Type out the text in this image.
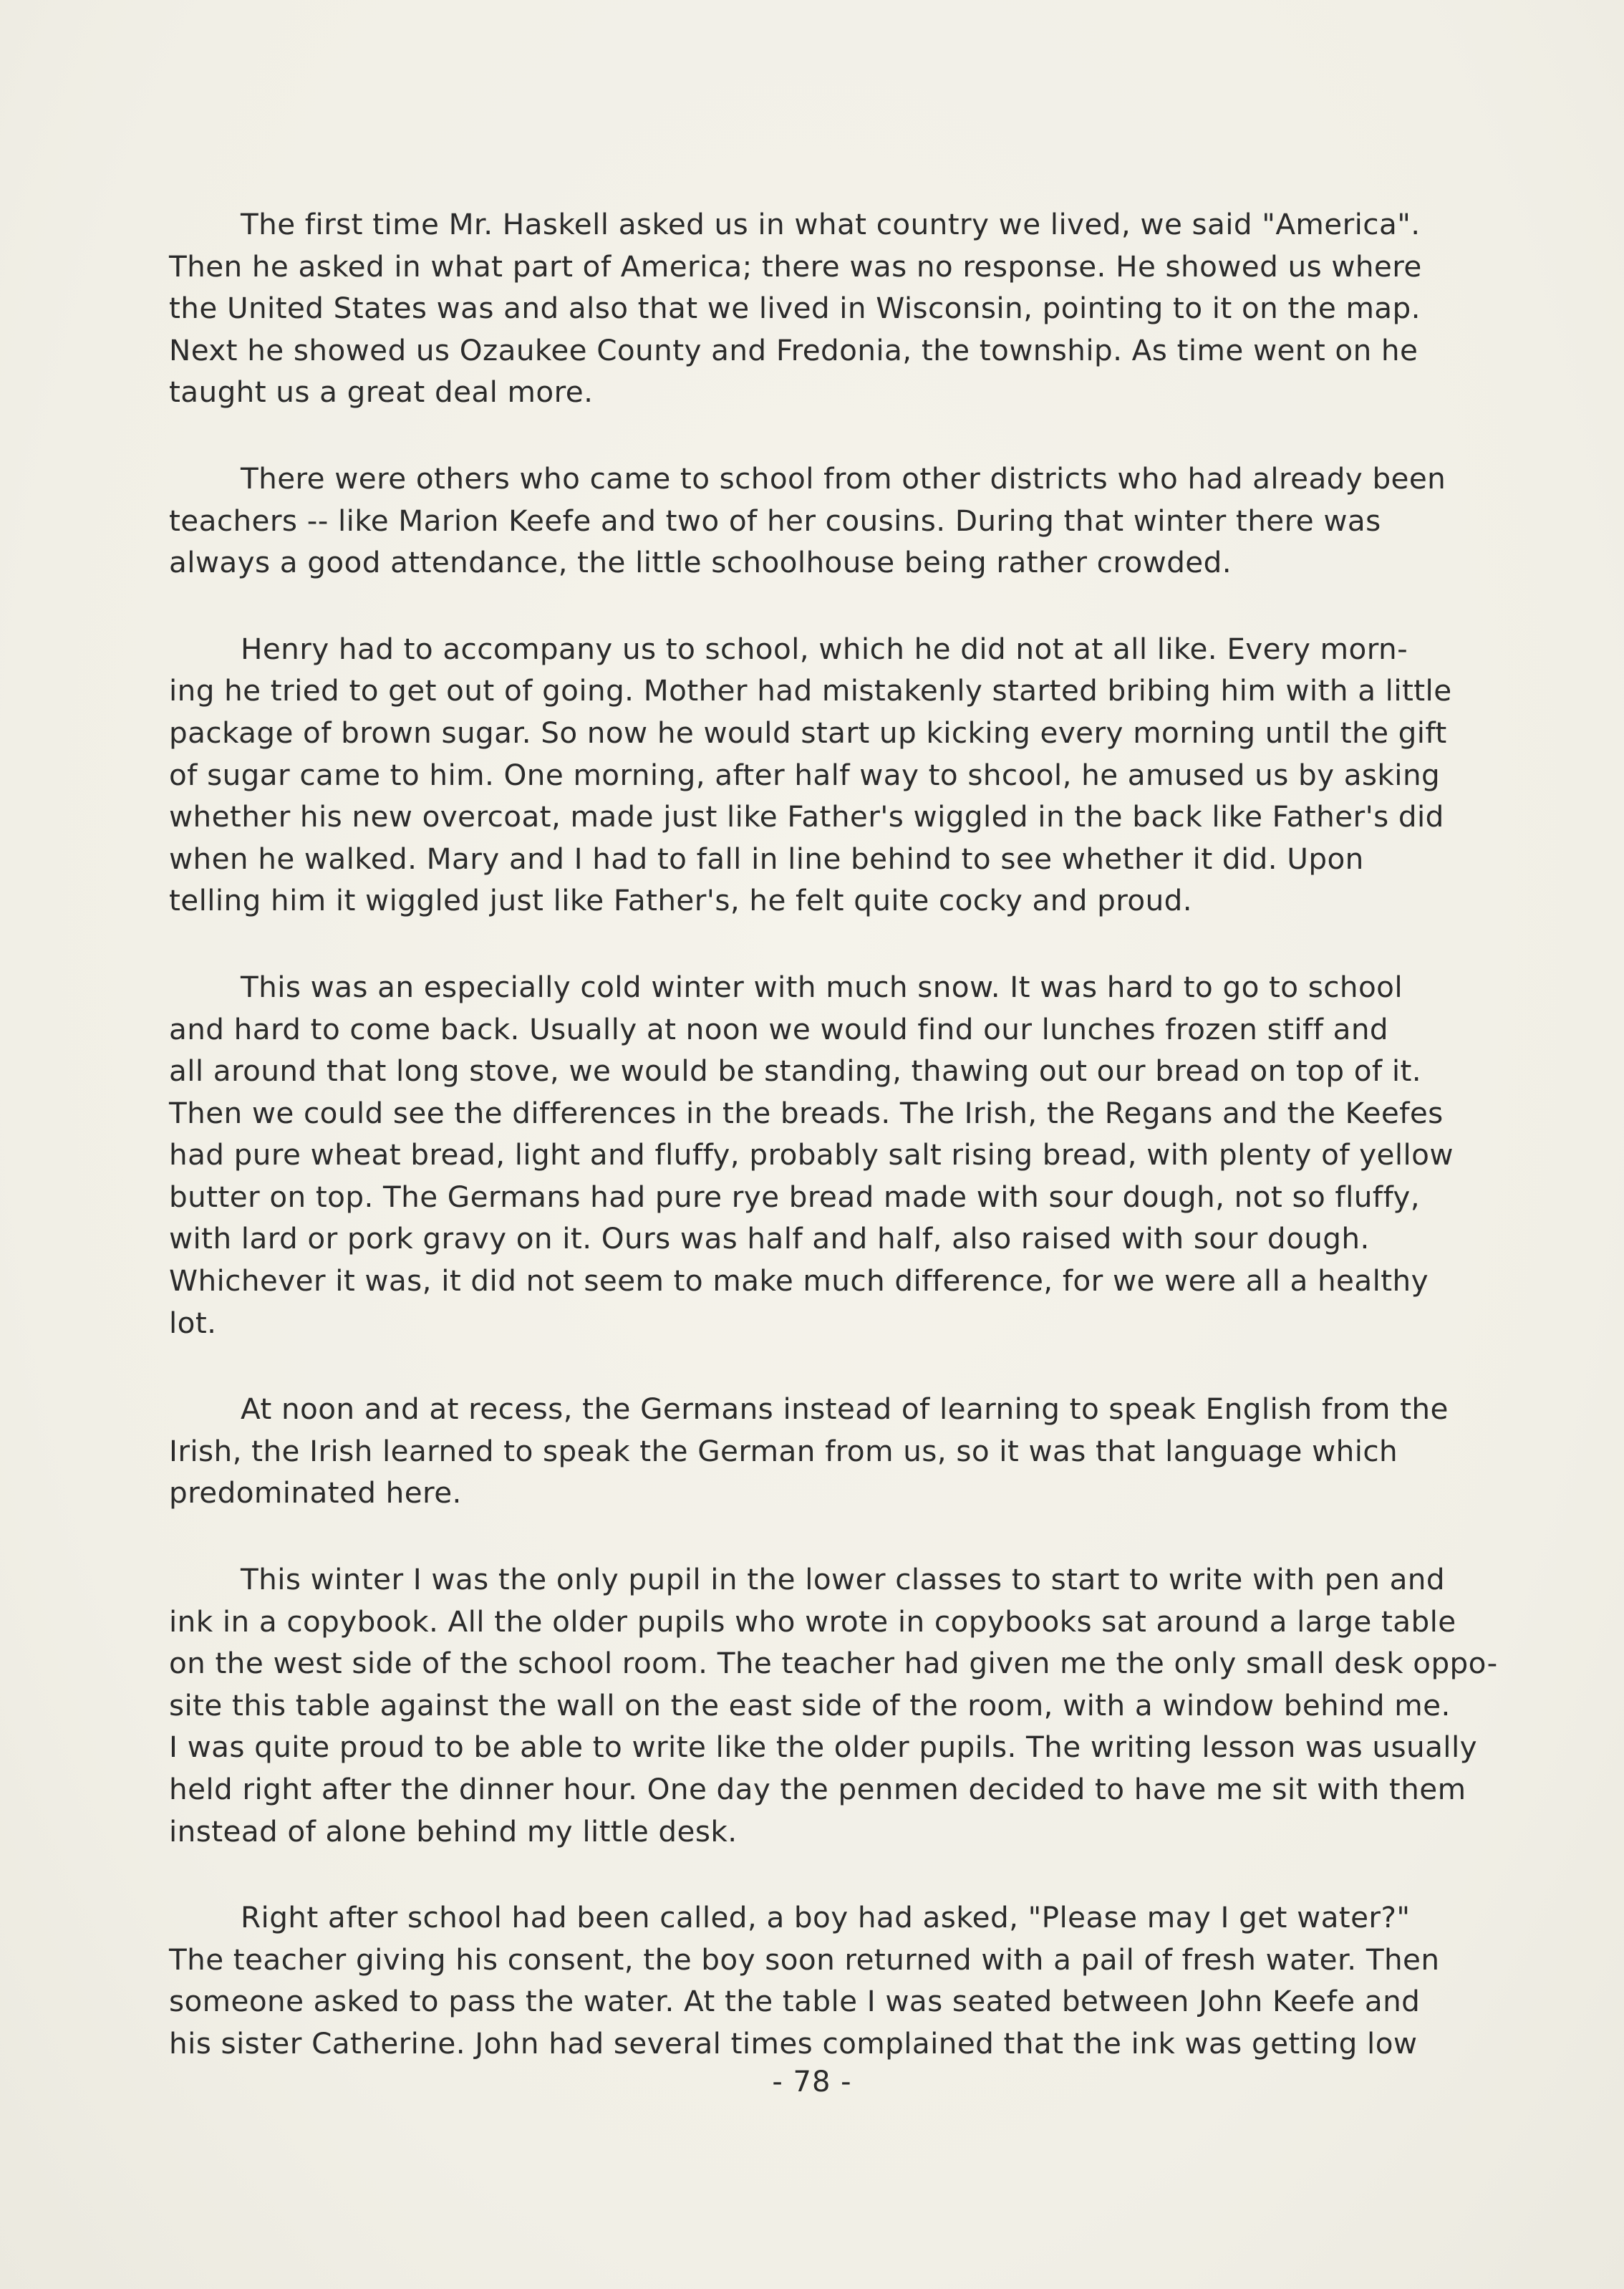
The first time Mr. Haskell asked us in what country we lived, we said "America".
Then he asked in what part of America; there was no response. He showed us where
the United States was and also that we lived in Wisconsin, pointing to it on the map.
Next he showed us Ozaukee County and Fredonia, the township. As time went on he
taught us a great deal more.
There were others who came to school from other districts who had already been
teachers -- like Marion Keefe and two of her cousins. During that winter there was
always a good attendance, the little schoolhouse being rather crowded.
Henry had to accompany us to school, which he did not at all like. Every morn-
ing he tried to get out of going. Mother had mistakenly started bribing him with a little
package of brown sugar. So now he would start up kicking every morning until the gift
of sugar came to him. One morning, after half way to shcool, he amused us by asking
whether his new overcoat, made just like Father's wiggled in the back like Father's did
when he walked. Mary and I had to fall in line behind to see whether it did. Upon
telling him it wiggled just like Father's, he felt quite cocky and proud.
This was an especially cold winter with much snow. It was hard to go to school
and hard to come back. Usually at noon we would find our lunches frozen stiff and
all around that long stove, we would be standing, thawing out our bread on top of it.
Then we could see the differences in the breads. The Irish, the Regans and the Keefes
had pure wheat bread, light and fluffy, probably salt rising bread, with plenty of yellow
butter on top. The Germans had pure rye bread made with sour dough, not so fluffy,
with lard or pork gravy on it. Ours was half and half, also raised with sour dough.
Whichever it was, it did not seem to make much difference, for we were all a healthy
lot.
At noon and at recess, the Germans instead of learning to speak English from the
Irish, the Irish learned to speak the German from us, so it was that language which
predominated here.
This winter I was the only pupil in the lower classes to start to write with pen and
ink in a copybook. All the older pupils who wrote in copybooks sat around a large table
on the west side of the school room. The teacher had given me the only small desk oppo-
site this table against the wall on the east side of the room, with a window behind me.
I was quite proud to be able to write like the older pupils. The writing lesson was usually
held right after the dinner hour. One day the penmen decided to have me sit with them
instead of alone behind my little desk.
Right after school had been called, a boy had asked, "Please may I get water?"
The teacher giving his consent, the boy soon returned with a pail of fresh water. Then
someone asked to pass the water. At the table I was seated between John Keefe and
his sister Catherine. John had several times complained that the ink was getting low
- 78 -
